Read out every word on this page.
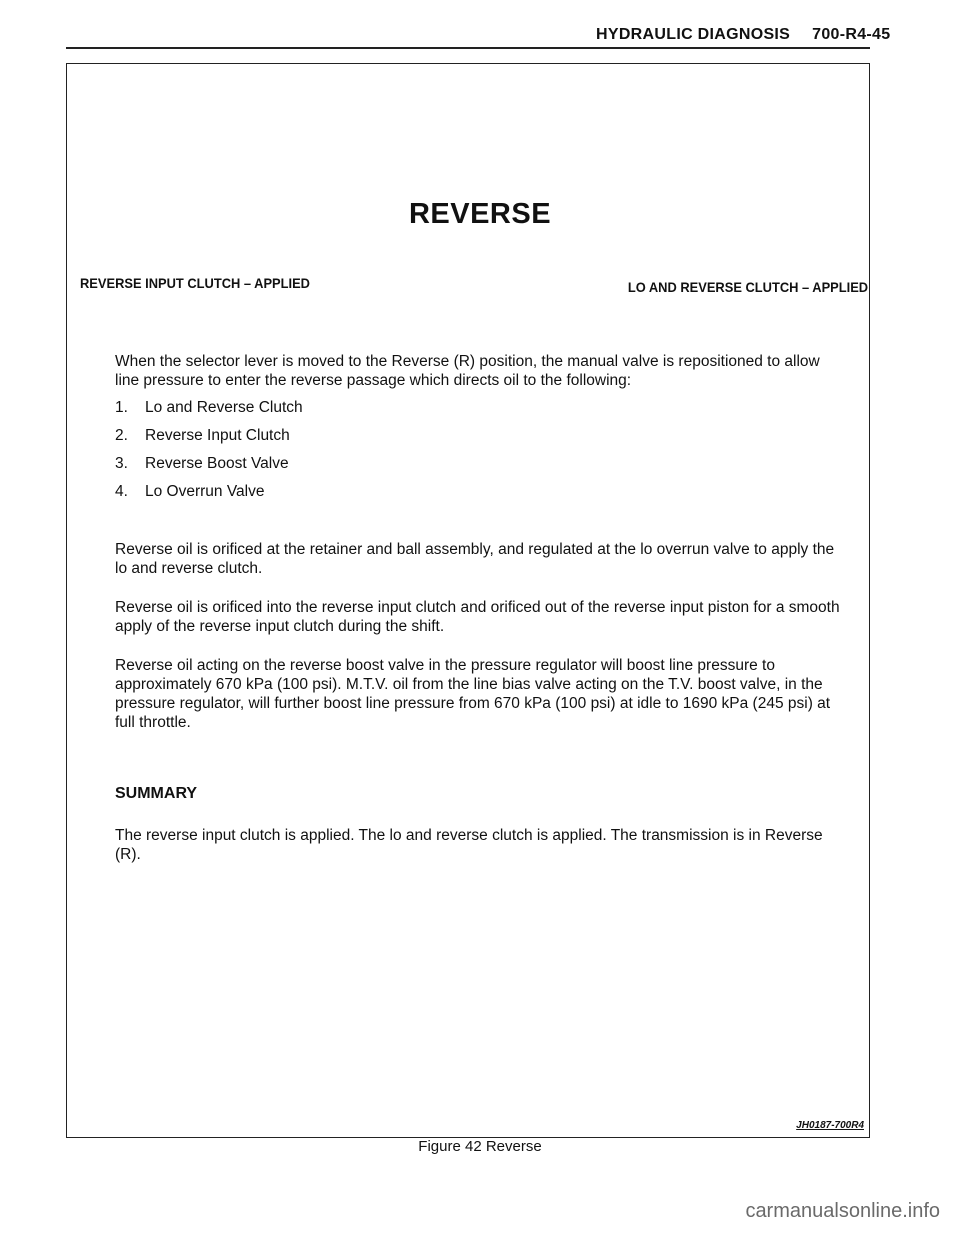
HYDRAULIC DIAGNOSIS 700-R4-45
REVERSE
REVERSE INPUT CLUTCH – APPLIED	LO AND REVERSE CLUTCH – APPLIED
When the selector lever is moved to the Reverse (R) position, the manual valve is repositioned to allow line pressure to enter the reverse passage which directs oil to the following:
1. Lo and Reverse Clutch
2. Reverse Input Clutch
3. Reverse Boost Valve
4. Lo Overrun Valve
Reverse oil is orificed at the retainer and ball assembly, and regulated at the lo overrun valve to apply the lo and reverse clutch.
Reverse oil is orificed into the reverse input clutch and orificed out of the reverse input piston for a smooth apply of the reverse input clutch during the shift.
Reverse oil acting on the reverse boost valve in the pressure regulator will boost line pressure to approximately 670 kPa (100 psi). M.T.V. oil from the line bias valve acting on the T.V. boost valve, in the pressure regulator, will further boost line pressure from 670 kPa (100 psi) at idle to 1690 kPa (245 psi) at full throttle.
SUMMARY
The reverse input clutch is applied. The lo and reverse clutch is applied. The transmission is in Reverse (R).
JH0187-700R4
Figure 42 Reverse
carmanualsonline.info
